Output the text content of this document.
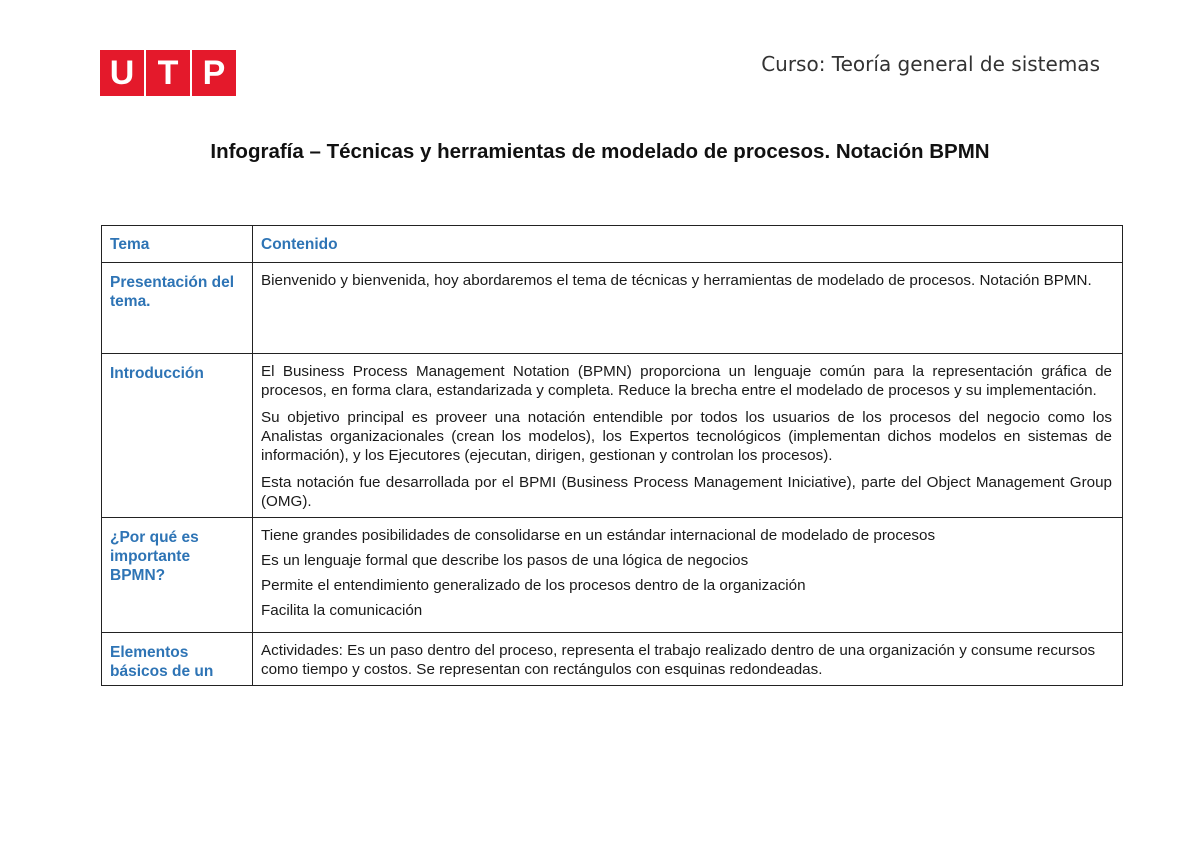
U T P	Curso: Teoría general de sistemas
Infografía – Técnicas y herramientas de modelado de procesos. Notación BPMN
Tema	Contenido
Presentación del tema.	Bienvenido y bienvenida, hoy abordaremos el tema de técnicas y herramientas de modelado de procesos. Notación BPMN.

Introducción	El Business Process Management Notation (BPMN) proporciona un lenguaje común para la representación gráfica de procesos, en forma clara, estandarizada y completa. Reduce la brecha entre el modelado de procesos y su implementación.

Su objetivo principal es proveer una notación entendible por todos los usuarios de los procesos del negocio como los Analistas organizacionales (crean los modelos), los Expertos tecnológicos (implementan dichos modelos en sistemas de información), y los Ejecutores (ejecutan, dirigen, gestionan y controlan los procesos).

Esta notación fue desarrollada por el BPMI (Business Process Management Iniciative), parte del Object Management Group (OMG).

¿Por qué es importante BPMN?	Tiene grandes posibilidades de consolidarse en un estándar internacional de modelado de procesos

Es un lenguaje formal que describe los pasos de una lógica de negocios

Permite el entendimiento generalizado de los procesos dentro de la organización

Facilita la comunicación

Elementos básicos de un	Actividades: Es un paso dentro del proceso, representa el trabajo realizado dentro de una organización y consume recursos como tiempo y costos. Se representan con rectángulos con esquinas redondeadas.
